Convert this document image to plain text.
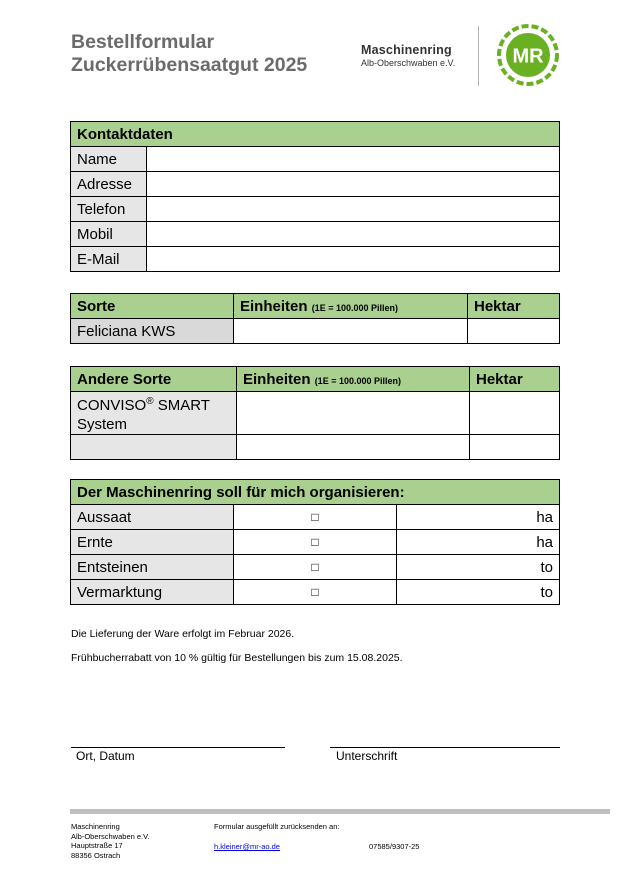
Bestellformular
Zuckerrübensaatgut 2025
Maschinenring
Alb-Oberschwaben e.V.	MR
Kontaktdaten	
Name	
Adresse	
Telefon	
Mobil	
E-Mail	
Sorte	Einheiten (1E = 100.000 Pillen)	Hektar
Feliciana KWS		
Andere Sorte	Einheiten (1E = 100.000 Pillen)	Hektar
CONVISO® SMART
System		

Der Maschinenring soll für mich organisieren:		
Aussaat	□	ha
Ernte	□	ha
Entsteinen	□	to
Vermarktung	□	to
Die Lieferung der Ware erfolgt im Februar 2026.
Frühbucherrabatt von 10 % gültig für Bestellungen bis zum 15.08.2025.
Ort, Datum	Unterschrift
Maschinenring
Alb-Oberschwaben e.V.
Hauptstraße 17
88356 Ostrach
Formular ausgefüllt zurücksenden an:
h.kleiner@mr-ao.de	07585/9307-25
